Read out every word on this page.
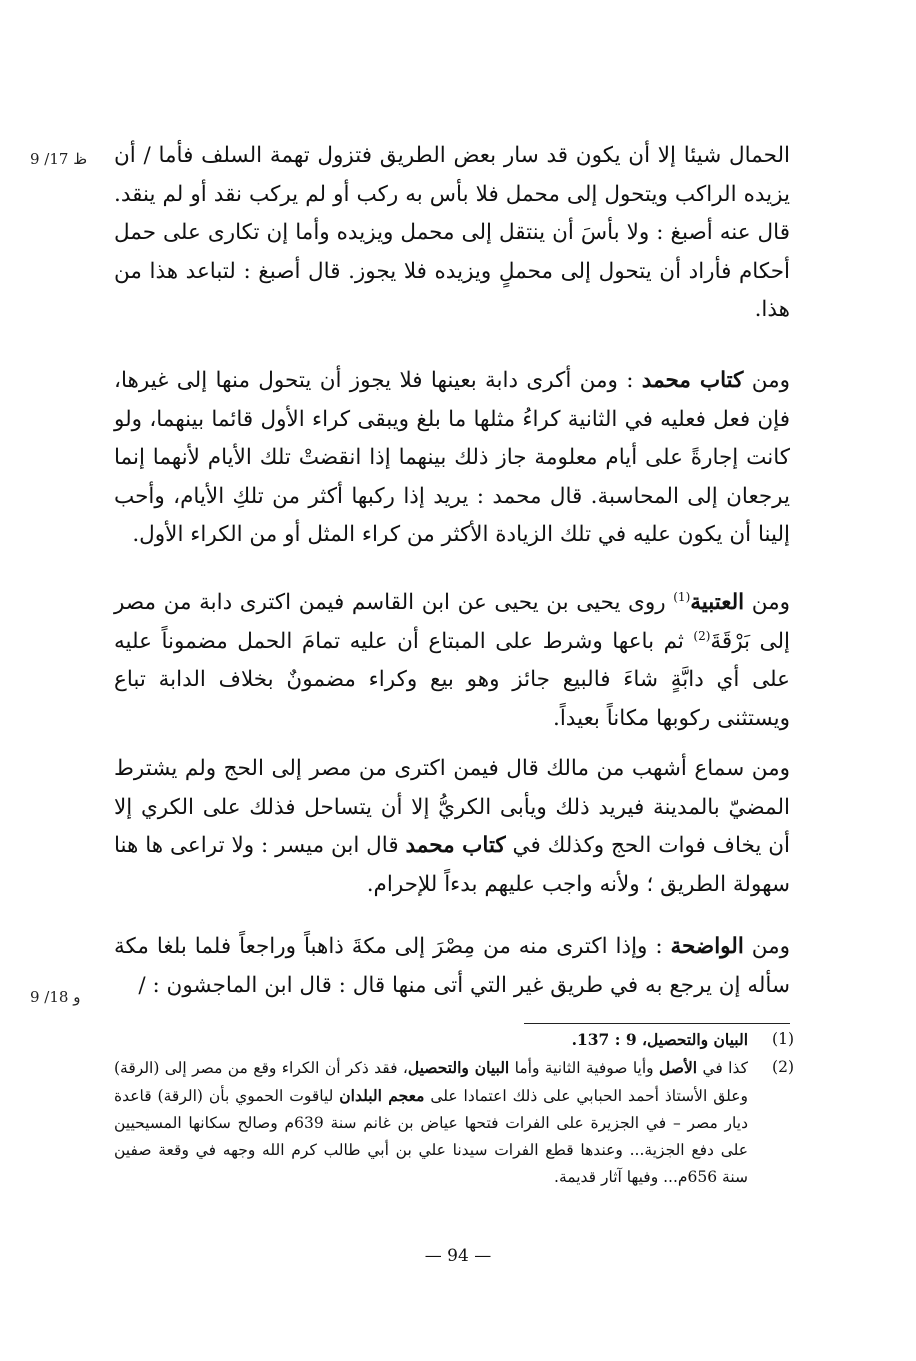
9 /17 ظ
9 /18 و

الحمال شيئا إلا أن يكون قد سار بعض الطريق فتزول تهمة السلف فأما / أن يزيده الراكب ويتحول إلى محمل فلا بأس به ركب أو لم يركب نقد أو لم ينقد. قال عنه أصبغ : ولا بأسَ أن ينتقل إلى محمل ويزيده وأما إن تكارى على حمل أحكام فأراد أن يتحول إلى محملٍ ويزيده فلا يجوز. قال أصبغ : لتباعد هذا من هذا.

ومن كتاب محمد : ومن أكرى دابة بعينها فلا يجوز أن يتحول منها إلى غيرها، فإن فعل فعليه في الثانية كراءُ مثلها ما بلغ ويبقى كراء الأول قائما بينهما، ولو كانت إجارةً على أيام معلومة جاز ذلك بينهما إذا انقضتْ تلك الأيام لأنهما إنما يرجعان إلى المحاسبة. قال محمد : يريد إذا ركبها أكثر من تلكِ الأيام، وأحب إلينا أن يكون عليه في تلك الزيادة الأكثر من كراء المثل أو من الكراء الأول.

ومن العتبية$^{(1)}$ روى يحيى بن يحيى عن ابن القاسم فيمن اكترى دابة من مصر إلى بَرْقَةَ$^{(2)}$ ثم باعها وشرط على المبتاع أن عليه تمامَ الحمل مضموناً عليه على أي دابَّةٍ شاءَ فالبيع جائز وهو بيع وكراء مضمونٌ بخلاف الدابة تباع ويستثنى ركوبها مكاناً بعيداً.

ومن سماع أشهب من مالك قال فيمن اكترى من مصر إلى الحج ولم يشترط المضيّ بالمدينة فيريد ذلك ويأبى الكريُّ إلا أن يتساحل فذلك على الكري إلا أن يخاف فوات الحج وكذلك في كتاب محمد قال ابن ميسر : ولا تراعى ها هنا سهولة الطريق ؛ ولأنه واجب عليهم بدءاً للإحرام.

ومن الواضحة : وإذا اكترى منه من مِصْرَ إلى مكةَ ذاهباً وراجعاً فلما بلغا مكة سأله إن يرجع به في طريق غير التي أتى منها قال : قال ابن الماجشون : /

(1)
البيان والتحصيل، 9 : 137.

(2)
كذا في الأصل وأيا صوفية الثانية وأما البيان والتحصيل، فقد ذكر أن الكراء وقع من مصر إلى (الرقة) وعلق الأستاذ أحمد الحبابي على ذلك اعتمادا على معجم البلدان لياقوت الحموي بأن (الرقة) قاعدة ديار مصر – في الجزيرة على الفرات فتحها عياض بن غانم سنة 639م وصالح سكانها المسيحيين على دفع الجزية... وعندها قطع الفرات سيدنا علي بن أبي طالب كرم الله وجهه في وقعة صفين سنة 656م... وفيها آثار قديمة.

— 94 —
